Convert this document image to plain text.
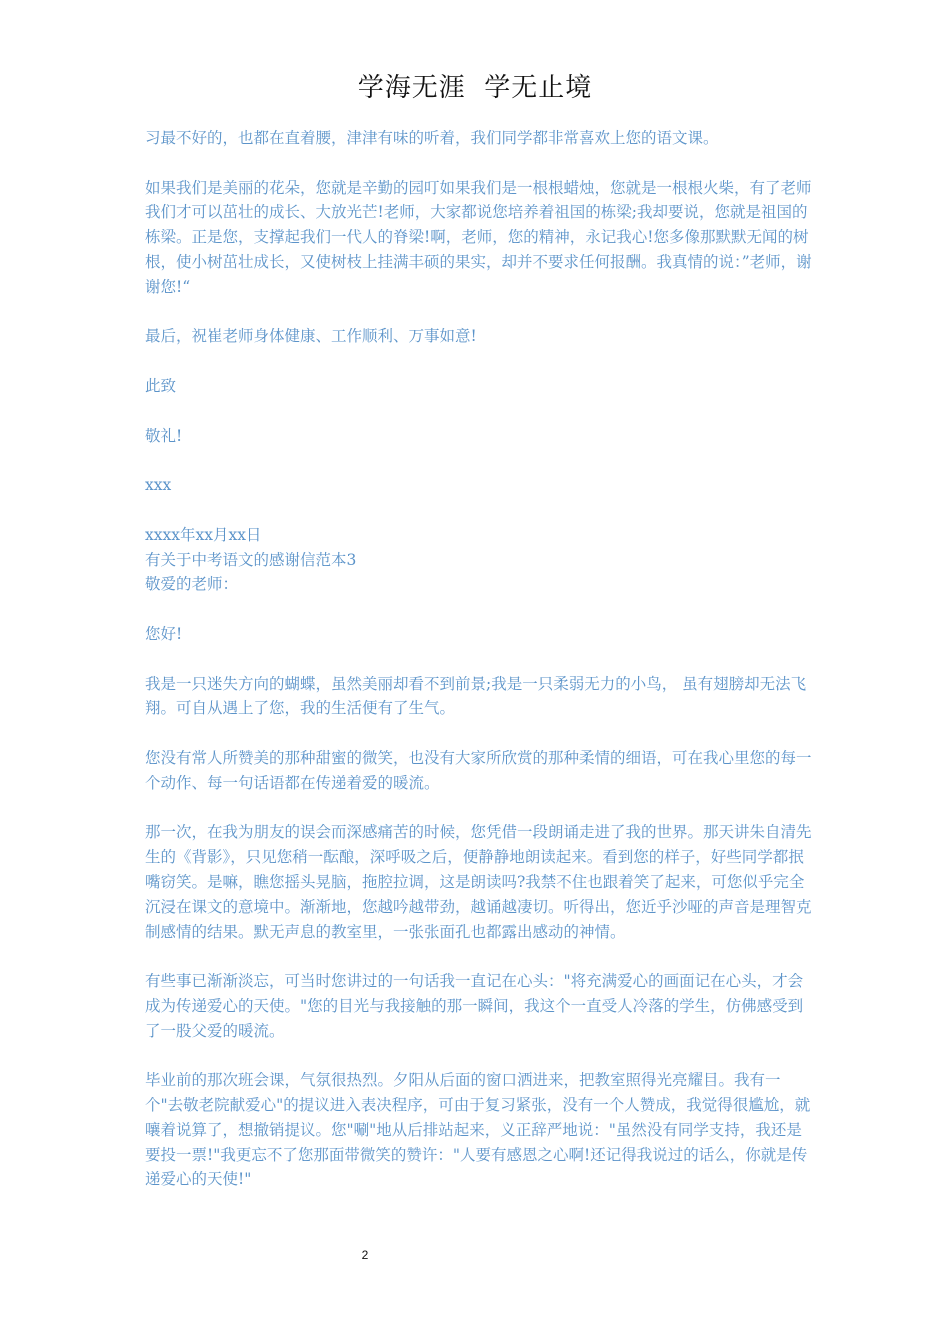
学海无涯  学无止境

习最不好的，也都在直着腰，津津有味的听着，我们同学都非常喜欢上您的语文课。

如果我们是美丽的花朵，您就是辛勤的园叮如果我们是一根根蜡烛，您就是一根根火柴，有了老师我们才可以茁壮的成长、大放光芒!老师，大家都说您培养着祖国的栋梁;我却要说，您就是祖国的栋梁。正是您，支撑起我们一代人的脊梁!啊，老师，您的精神，永记我心!您多像那默默无闻的树根，使小树茁壮成长，又使树枝上挂满丰硕的果实，却并不要求任何报酬。我真情的说：”老师，谢谢您!“

最后，祝崔老师身体健康、工作顺利、万事如意!

此致

敬礼!

xxx

xxxx年xx月xx日

有关于中考语文的感谢信范本3

敬爱的老师：

您好!

我是一只迷失方向的蝴蝶，虽然美丽却看不到前景;我是一只柔弱无力的小鸟， 虽有翅膀却无法飞翔。可自从遇上了您，我的生活便有了生气。

您没有常人所赞美的那种甜蜜的微笑，也没有大家所欣赏的那种柔情的细语，可在我心里您的每一个动作、每一句话语都在传递着爱的暖流。

那一次，在我为朋友的误会而深感痛苦的时候，您凭借一段朗诵走进了我的世界。那天讲朱自清先生的《背影》，只见您稍一酝酿，深呼吸之后，便静静地朗读起来。看到您的样子，好些同学都抿嘴窃笑。是嘛，瞧您摇头晃脑，拖腔拉调，这是朗读吗?我禁不住也跟着笑了起来，可您似乎完全沉浸在课文的意境中。渐渐地，您越吟越带劲，越诵越凄切。听得出，您近乎沙哑的声音是理智克制感情的结果。默无声息的教室里，一张张面孔也都露出感动的神情。

有些事已渐渐淡忘，可当时您讲过的一句话我一直记在心头："将充满爱心的画面记在心头，才会成为传递爱心的天使。"您的目光与我接触的那一瞬间，我这个一直受人冷落的学生，仿佛感受到了一股父爱的暖流。

毕业前的那次班会课，气氛很热烈。夕阳从后面的窗口洒进来，把教室照得光亮耀目。我有一个"去敬老院献爱心"的提议进入表决程序，可由于复习紧张，没有一个人赞成，我觉得很尴尬，就嚷着说算了，想撤销提议。您"唰"地从后排站起来，义正辞严地说："虽然没有同学支持，我还是要投一票!"我更忘不了您那面带微笑的赞许："人要有感恩之心啊!还记得我说过的话么，你就是传递爱心的天使!"

2
